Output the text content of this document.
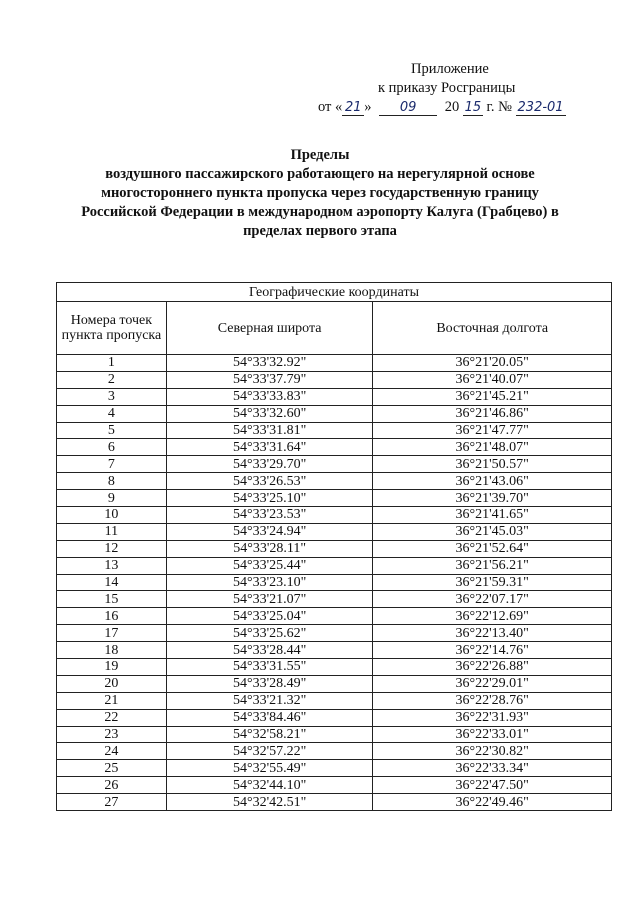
Приложение
к приказу Росграницы
от « 21 » 09 20 15 г. № 232-01
Пределы
воздушного пассажирского работающего на нерегулярной основе
многостороннего пункта пропуска через государственную границу
Российской Федерации в международном аэропорту Калуга (Грабцево) в
пределах первого этапа
Географические координаты		
Номера точек пункта пропуска	Северная широта	Восточная долгота
1	54°33'32.92"	36°21'20.05"
2	54°33'37.79"	36°21'40.07"
3	54°33'33.83"	36°21'45.21"
4	54°33'32.60"	36°21'46.86"
5	54°33'31.81"	36°21'47.77"
6	54°33'31.64"	36°21'48.07"
7	54°33'29.70"	36°21'50.57"
8	54°33'26.53"	36°21'43.06"
9	54°33'25.10"	36°21'39.70"
10	54°33'23.53"	36°21'41.65"
11	54°33'24.94"	36°21'45.03"
12	54°33'28.11"	36°21'52.64"
13	54°33'25.44"	36°21'56.21"
14	54°33'23.10"	36°21'59.31"
15	54°33'21.07"	36°22'07.17"
16	54°33'25.04"	36°22'12.69"
17	54°33'25.62"	36°22'13.40"
18	54°33'28.44"	36°22'14.76"
19	54°33'31.55"	36°22'26.88"
20	54°33'28.49"	36°22'29.01"
21	54°33'21.32"	36°22'28.76"
22	54°33'84.46"	36°22'31.93"
23	54°32'58.21"	36°22'33.01"
24	54°32'57.22"	36°22'30.82"
25	54°32'55.49"	36°22'33.34"
26	54°32'44.10"	36°22'47.50"
27	54°32'42.51"	36°22'49.46"
